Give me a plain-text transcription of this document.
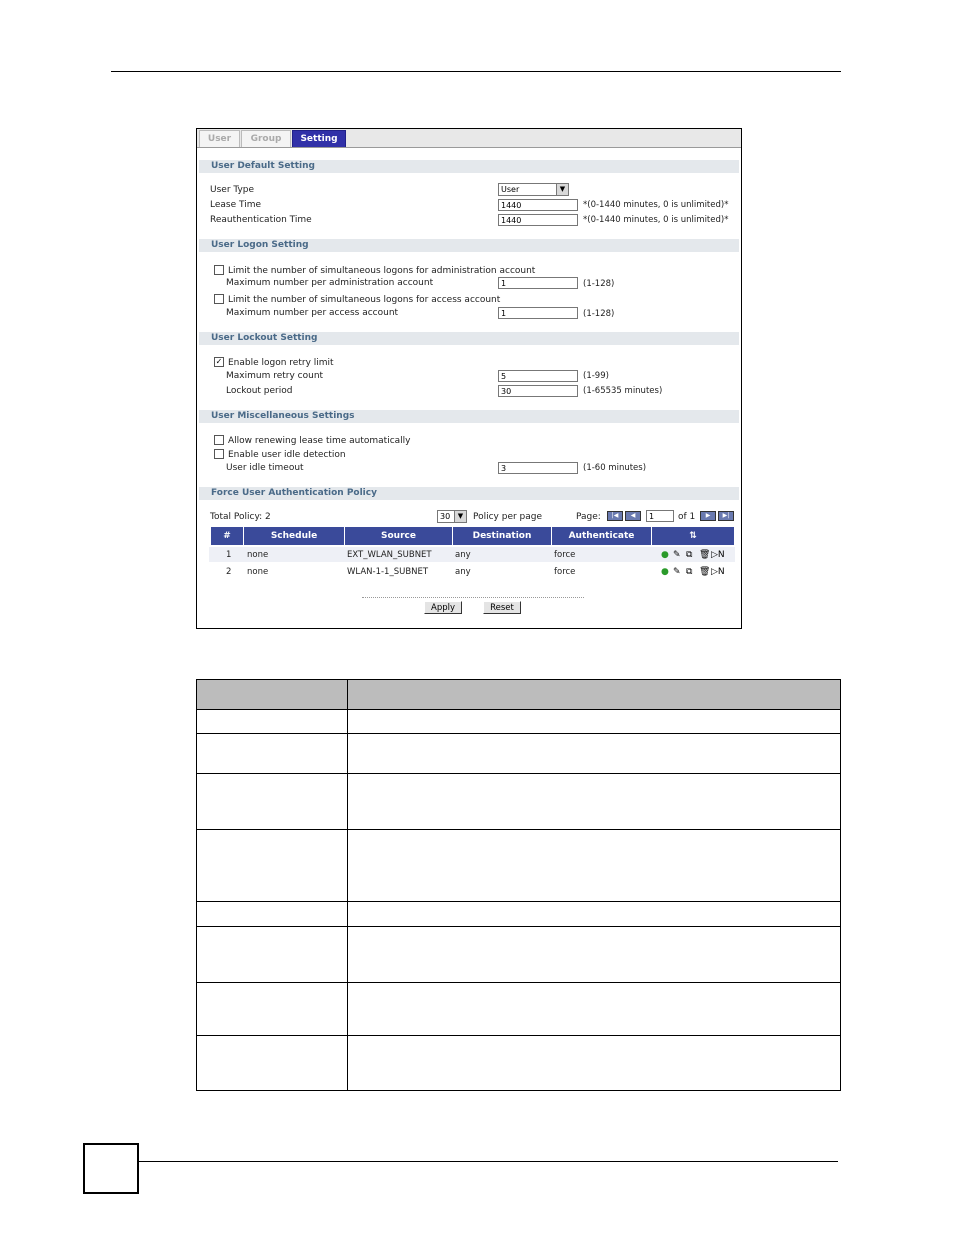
User	Group	Setting
User Default Setting
User Type	User	▼
Lease Time	1440	*(0-1440 minutes, 0 is unlimited)*
Reauthentication Time	1440	*(0-1440 minutes, 0 is unlimited)*
User Logon Setting
Limit the number of simultaneous logons for administration account
Maximum number per administration account	1	(1-128)
Limit the number of simultaneous logons for access account
Maximum number per access account	1	(1-128)
User Lockout Setting
✓ Enable logon retry limit
Maximum retry count	5	(1-99)
Lockout period	30	(1-65535 minutes)
User Miscellaneous Settings
Allow renewing lease time automatically
Enable user idle detection
User idle timeout	3	(1-60 minutes)
Force User Authentication Policy
Total Policy: 2	30	▼	Policy per page	Page:	|◀	◀	1	of 1	▶	▶|
#	Schedule	Source	Destination	Authenticate	⇅
1 none	EXT_WLAN_SUBNET	any	force	● ✎ ⧉ 🗑 ▷N
2 none	WLAN-1-1_SUBNET	any	force	● ✎ ⧉ 🗑 ▷N
Apply	Reset
